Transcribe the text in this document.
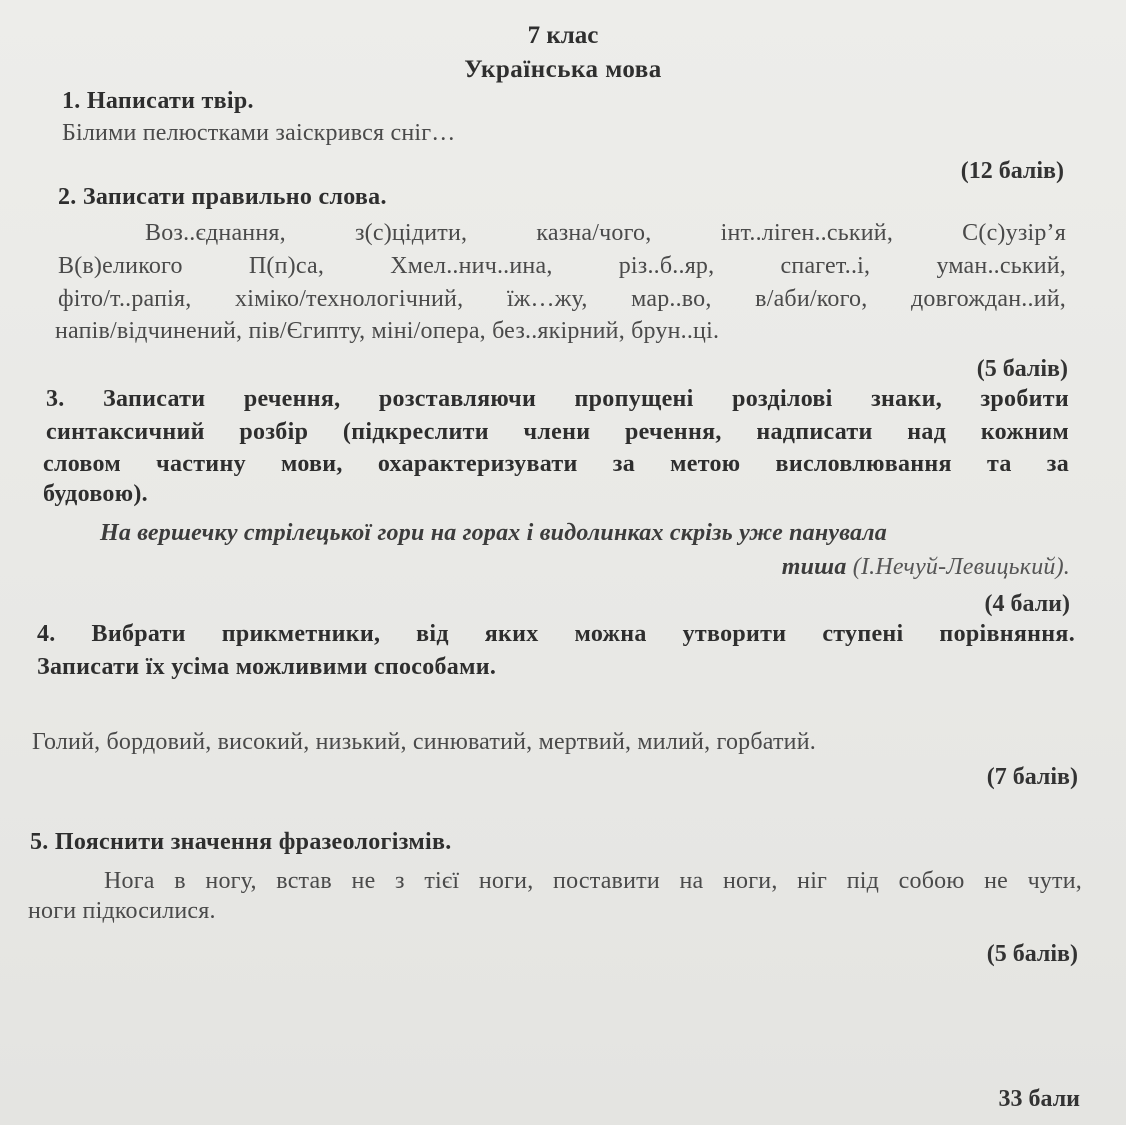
7 клас
Українська мова
1. Написати твір.
Білими пелюстками заіскрився сніг…
(12 балів)
2. Записати правильно слова.
Воз..єднання, з(с)цідити, казна/чого, інт..ліген..ський, С(с)узір’я
В(в)еликого П(п)са, Хмел..нич..ина, різ..б..яр, спагет..і, уман..ський,
фіто/т..рапія, хіміко/технологічний, їж…жу, мар..во, в/аби/кого, довгождан..ий,
напів/відчинений, пів/Єгипту, міні/опера, без..якірний, брун..ці.
(5 балів)
3. Записати речення, розставляючи пропущені розділові знаки, зробити
синтаксичний розбір (підкреслити члени речення, надписати над кожним
словом частину мови, охарактеризувати за метою висловлювання та за
будовою).
На вершечку стрілецької гори на горах і видолинках скрізь уже панувала
тиша (І.Нечуй-Левицький).
(4 бали)
4. Вибрати прикметники, від яких можна утворити ступені порівняння.
Записати їх усіма можливими способами.
Голий, бордовий, високий, низький, синюватий, мертвий, милий, горбатий.
(7 балів)
5. Пояснити значення фразеологізмів.
Нога в ногу, встав не з тієї ноги, поставити на ноги, ніг під собою не чути,
ноги підкосилися.
(5 балів)
33 бали
